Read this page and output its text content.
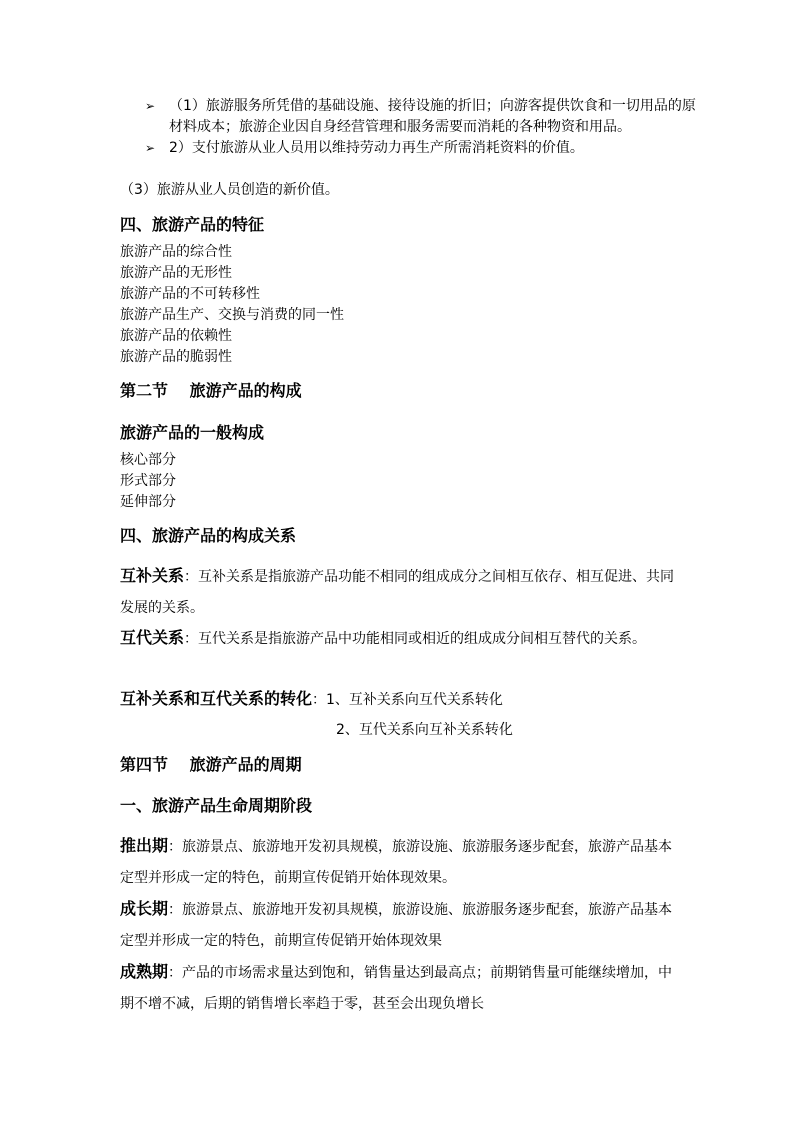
➢ （1）旅游服务所凭借的基础设施、接待设施的折旧；向游客提供饮食和一切用品的原材料成本；旅游企业因自身经营管理和服务需要而消耗的各种物资和用品。
➢ 2）支付旅游从业人员用以维持劳动力再生产所需消耗资料的价值。
（3）旅游从业人员创造的新价值。
四、旅游产品的特征
旅游产品的综合性
旅游产品的无形性
旅游产品的不可转移性
旅游产品生产、交换与消费的同一性
旅游产品的依赖性
旅游产品的脆弱性
第二节　 旅游产品的构成
旅游产品的一般构成
核心部分
形式部分
延伸部分
四、旅游产品的构成关系
互补关系：互补关系是指旅游产品功能不相同的组成成分之间相互依存、相互促进、共同发展的关系。
互代关系：互代关系是指旅游产品中功能相同或相近的组成成分间相互替代的关系。
互补关系和互代关系的转化：1、互补关系向互代关系转化
2、互代关系向互补关系转化
第四节　 旅游产品的周期
一、旅游产品生命周期阶段
推出期：旅游景点、旅游地开发初具规模，旅游设施、旅游服务逐步配套，旅游产品基本定型并形成一定的特色，前期宣传促销开始体现效果。
成长期：旅游景点、旅游地开发初具规模，旅游设施、旅游服务逐步配套，旅游产品基本定型并形成一定的特色，前期宣传促销开始体现效果
成熟期：产品的市场需求量达到饱和，销售量达到最高点；前期销售量可能继续增加，中期不增不减，后期的销售增长率趋于零，甚至会出现负增长
